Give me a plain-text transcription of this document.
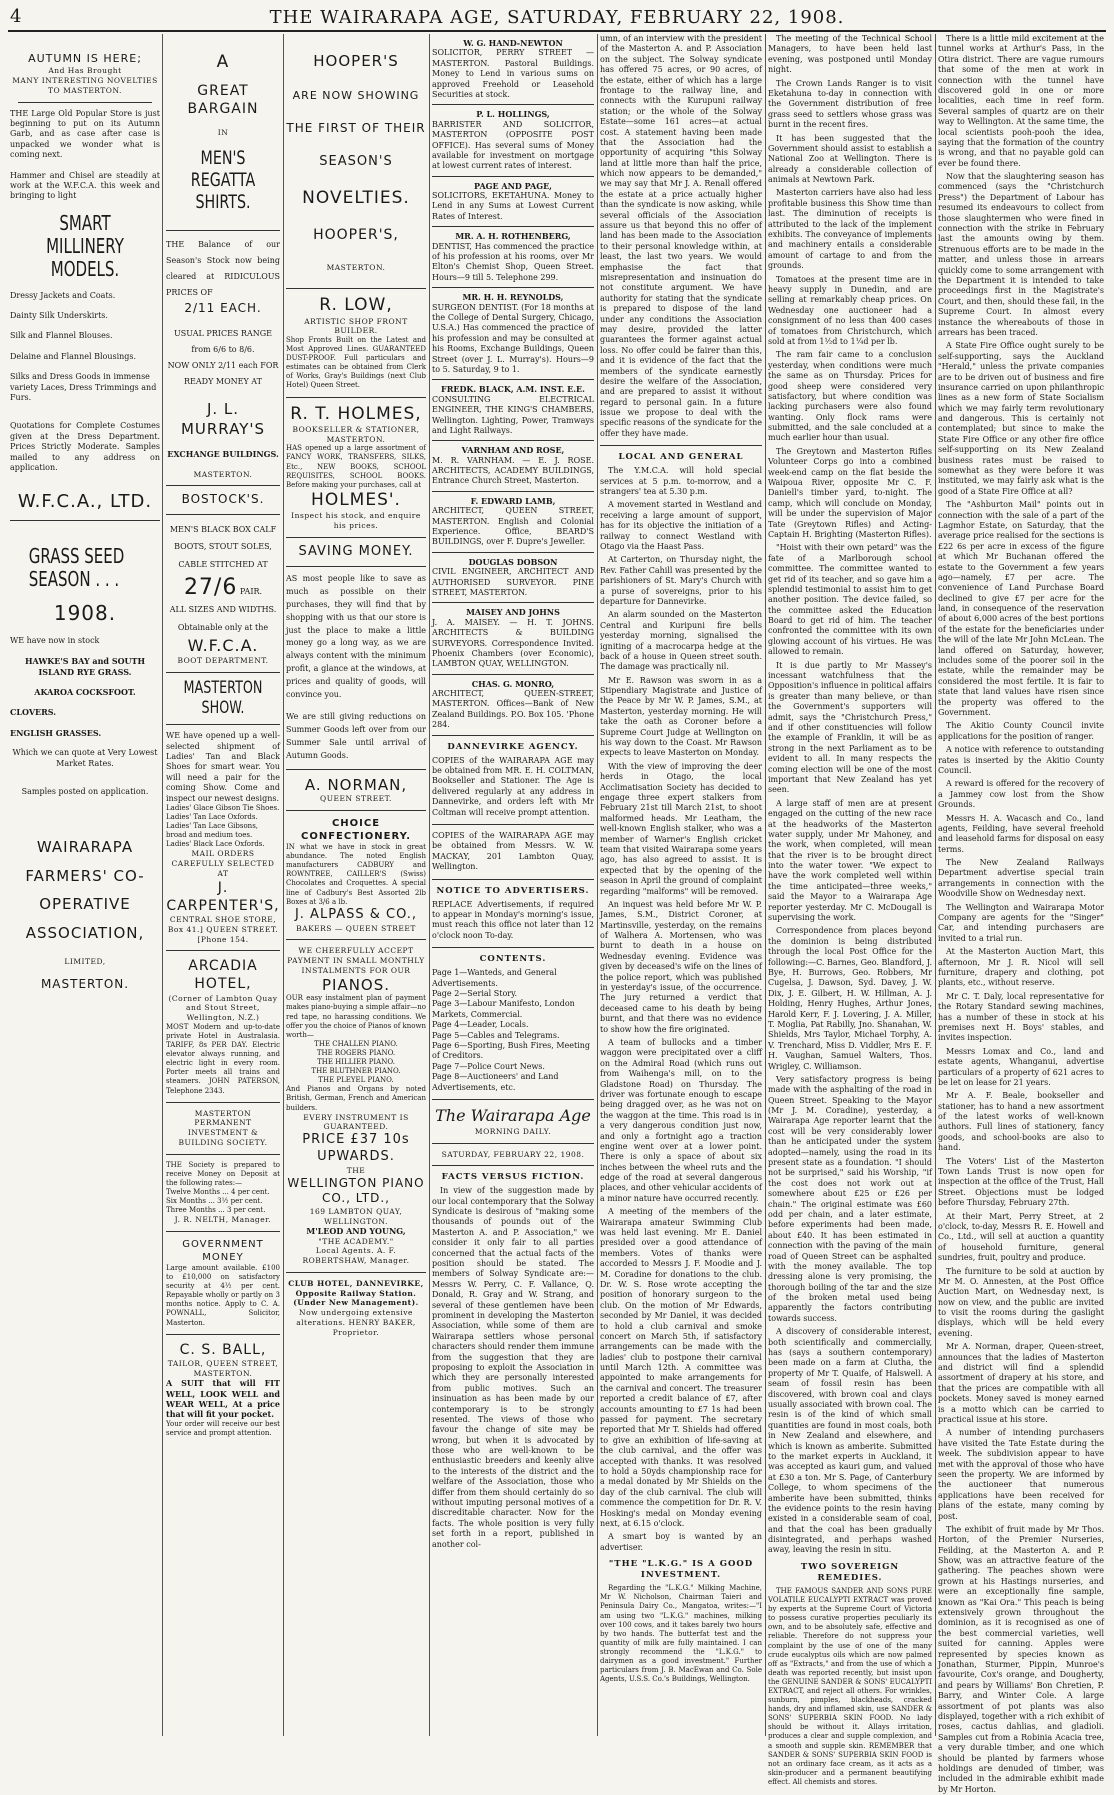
4	THE WAIRARAPA AGE, SATURDAY, FEBRUARY 22, 1908.
AUTUMN IS HERE;
And Has Brought
MANY INTERESTING NOVELTIES TO MASTERTON.
THE Large Old Popular Store is just beginning to put on its Autumn Garb, and as case after case is unpacked we wonder what is coming next.
Hammer and Chisel are steadily at work at the W.F.C.A. this week and bringing to light
SMART MILLINERY MODELS.
Dressy Jackets and Coats.
Dainty Silk Underskirts.
Silk and Flannel Blouses.
Delaine and Flannel Blousings.
Silks and Dress Goods in immense variety Laces, Dress Trimmings and Furs.
Quotations for Complete Costumes given at the Dress Department. Prices Strictly Moderate. Samples mailed to any address on application.
W.F.C.A., LTD.
GRASS SEED SEASON . . .
1908.
WE have now in stock
HAWKE'S BAY and SOUTH ISLAND RYE GRASS.
AKAROA COCKSFOOT.
CLOVERS.
ENGLISH GRASSES.
Which we can quote at Very Lowest Market Rates.
Samples posted on application.
WAIRARAPA FARMERS' CO-OPERATIVE ASSOCIATION,
LIMITED,
MASTERTON.
A
GREAT BARGAIN
IN
MEN'S REGATTA SHIRTS.
THE Balance of our Season's Stock now being cleared at RIDICULOUS PRICES OF
2/11 EACH.
USUAL PRICES RANGE from 6/6 to 8/6.
NOW ONLY 2/11 each FOR READY MONEY AT
J. L. MURRAY'S
EXCHANGE BUILDINGS.
MASTERTON.
BOSTOCK'S.
MEN'S BLACK BOX CALF BOOTS, STOUT SOLES, CABLE STITCHED AT
27/6 PAIR.
ALL SIZES AND WIDTHS. Obtainable only at the
W.F.C.A.
BOOT DEPARTMENT.
MASTERTON SHOW.
WE have opened up a well-selected shipment of Ladies' Tan and Black Shoes for smart wear. You will need a pair for the coming Show. Come and inspect our newest designs.
Ladies' Glace Gibson Tie Shoes.
Ladies' Tan Lace Oxfords.
Ladies' Tan Lace Gibsons, broad and medium toes.
Ladies' Black Lace Oxfords.
MAIL ORDERS CAREFULLY SELECTED
AT
J. CARPENTER'S,
CENTRAL SHOE STORE,
Box 41.] QUEEN STREET. [Phone 154.
ARCADIA HOTEL,
(Corner of Lambton Quay and Stout Street, Wellington, N.Z.)
MOST Modern and up-to-date private Hotel in Australasia. TARIFF, 8s PER DAY. Electric elevator always running, and electric light in every room. Porter meets all trains and steamers. JOHN PATERSON, Telephone 2343.
MASTERTON PERMANENT INVESTMENT & BUILDING SOCIETY.
THE Society is prepared to receive Money on Deposit at the following rates:—
Twelve Months ... 4 per cent.
Six Months ... 3½ per cent.
Three Months ... 3 per cent.
J. R. NELTH, Manager.
GOVERNMENT MONEY
Large amount available. £100 to £10,000 on satisfactory security at 4½ per cent. Repayable wholly or partly on 3 months notice. Apply to C. A. POWNALL, Solicitor, Masterton.
C. S. BALL,
TAILOR, QUEEN STREET, MASTERTON.
A SUIT that will FIT WELL, LOOK WELL and WEAR WELL, At a price that will fit your pocket.
Your order will receive our best service and prompt attention.
HOOPER'S
ARE NOW SHOWING
THE FIRST OF THEIR
SEASON'S
NOVELTIES.
HOOPER'S,
MASTERTON.
R. LOW,
ARTISTIC SHOP FRONT BUILDER.
Shop Fronts Built on the Latest and Most Approved Lines. GUARANTEED DUST-PROOF. Full particulars and estimates can be obtained from Clerk of Works, Gray's Buildings (next Club Hotel) Queen Street.
R. T. HOLMES,
BOOKSELLER & STATIONER, MASTERTON.
HAS opened up a large assortment of FANCY WORK, TRANSFERS, SILKS, Etc., NEW BOOKS, SCHOOL REQUISITES, SCHOOL BOOKS. Before making your purchases, call at
HOLMES'.
Inspect his stock, and enquire his prices.
SAVING MONEY.
AS most people like to save as much as possible on their purchases, they will find that by shopping with us that our store is just the place to make a little money go a long way, as we are always content with the minimum profit, a glance at the windows, at prices and quality of goods, will convince you.
We are still giving reductions on Summer Goods left over from our Summer Sale until arrival of Autumn Goods.
A. NORMAN,
QUEEN STREET.
CHOICE CONFECTIONERY.
IN what we have in stock in great abundance. The noted English manufacturers CADBURY and ROWNTREE, CAILLER'S (Swiss) Chocolates and Croquettes. A special line of Cadbury's Best Assorted 2lb Boxes at 3/6 a lb.
J. ALPASS & CO.,
BAKERS — QUEEN STREET
WE CHEERFULLY ACCEPT PAYMENT IN SMALL MONTHLY INSTALMENTS FOR OUR
PIANOS.
OUR easy instalment plan of payment makes piano-buying a simple affair—no red tape, no harassing conditions. We offer you the choice of Pianos of known worth—
THE CHALLEN PIANO.
THE ROGERS PIANO.
THE HILLIER PIANO.
THE BLUTHNER PIANO.
THE PLEYEL PIANO.
And Pianos and Organs by noted British, German, French and American builders.
EVERY INSTRUMENT IS GUARANTEED.
PRICE £37 10s UPWARDS.
THE
WELLINGTON PIANO CO., LTD.,
169 LAMBTON QUAY, WELLINGTON.
M'LEOD AND YOUNG,
"THE ACADEMY."
Local Agents. A. F. ROBERTSHAW, Manager.
CLUB HOTEL, DANNEVIRKE, Opposite Railway Station. (Under New Management).
Now undergoing extensive alterations. HENRY BAKER, Proprietor.
W. G. HAND-NEWTON
SOLICITOR, PERRY STREET — MASTERTON. Pastoral Buildings. Money to Lend in various sums on approved Freehold or Leasehold Securities at stock.
P. L. HOLLINGS,
BARRISTER AND SOLICITOR, MASTERTON (OPPOSITE POST OFFICE). Has several sums of Money available for investment on mortgage at lowest current rates of interest.
PAGE AND PAGE,
SOLICITORS, EKETAHUNA. Money to Lend in any Sums at Lowest Current Rates of Interest.
MR. A. H. ROTHENBERG,
DENTIST, Has commenced the practice of his profession at his rooms, over Mr Elton's Chemist Shop, Queen Street. Hours—9 till 5. Telephone 299.
MR. H. H. REYNOLDS,
SURGEON DENTIST. (For 18 months at the College of Dental Surgery, Chicago, U.S.A.) Has commenced the practice of his profession and may be consulted at his Rooms, Exchange Buildings, Queen Street (over J. L. Murray's). Hours—9 to 5. Saturday, 9 to 1.
FREDK. BLACK, A.M. INST. E.E.
CONSULTING ELECTRICAL ENGINEER, THE KING'S CHAMBERS, Wellington. Lighting, Power, Tramways and Light Railways.
VARNHAM AND ROSE,
M. R. VARNHAM. — E. J. ROSE. ARCHITECTS, ACADEMY BUILDINGS, Entrance Church Street, Masterton.
F. EDWARD LAMB,
ARCHITECT, QUEEN STREET, MASTERTON. English and Colonial Experience. Office, BEARD'S BUILDINGS, over F. Dupre's Jeweller.
DOUGLAS DOBSON
CIVIL ENGINEER, ARCHITECT AND AUTHORISED SURVEYOR. PINE STREET, MASTERTON.
MAISEY AND JOHNS
J. A. MAISEY. — H. T. JOHNS. ARCHITECTS & BUILDING SURVEYORS. Correspondence Invited. Phoenix Chambers (over Economic), LAMBTON QUAY, WELLINGTON.
CHAS. G. MONRO,
ARCHITECT, QUEEN-STREET, MASTERTON. Offices—Bank of New Zealand Buildings. P.O. Box 105. 'Phone 284.
DANNEVIRKE AGENCY.
COPIES of the WAIRARAPA AGE may be obtained from MR. E. H. COLTMAN, Bookseller and Stationer. The Age is delivered regularly at any address in Dannevirke, and orders left with Mr Coltman will receive prompt attention.
COPIES of the WAIRARAPA AGE may be obtained from Messrs. W. W. MACKAY, 201 Lambton Quay, Wellington.
NOTICE TO ADVERTISERS.
REPLACE Advertisements, if required to appear in Monday's morning's issue, must reach this office not later than 12 o'clock noon To-day.
CONTENTS.
Page 1—Wanteds, and General Advertisements.
Page 2—Serial Story.
Page 3—Labour Manifesto, London Markets, Commercial.
Page 4—Leader, Locals.
Page 5—Cables and Telegrams.
Page 6—Sporting, Bush Fires, Meeting of Creditors.
Page 7—Police Court News.
Page 8—Auctioneers' and Land Advertisements, etc.
The Wairarapa Age
MORNING DAILY.
SATURDAY, FEBRUARY 22, 1908.
FACTS VERSUS FICTION.

In view of the suggestion made by our local contemporary that the Solway Syndicate is desirous of "making some thousands of pounds out of the Masterton A. and P. Association," we consider it only fair to all parties concerned that the actual facts of the position should be stated. The members of Solway Syndicate are:—Messrs W. Perry, C. F. Vallance, Q. Donald, R. Gray and W. Strang, and several of these gentlemen have been prominent in developing the Masterton Association, while some of them are Wairarapa settlers whose personal characters should render them immune from the suggestion that they are proposing to exploit the Association in which they are personally interested from public motives. Such an insinuation as has been made by our contemporary is to be strongly resented. The views of those who favour the change of site may be wrong, but when it is advocated by those who are well-known to be enthusiastic breeders and keenly alive to the interests of the district and the welfare of the Association, those who differ from them should certainly do so without imputing personal motives of a discreditable character. Now for the facts. The whole position is very fully set forth in a report, published in another col-

umn, of an interview with the president of the Masterton A. and P. Association on the subject. The Solway syndicate has offered 75 acres, or 90 acres, of the estate, either of which has a large frontage to the railway line, and connects with the Kurupuni railway station; or the whole of the Solway Estate—some 161 acres—at actual cost. A statement having been made that the Association had the opportunity of acquiring "this Solway land at little more than half the price, which now appears to be demanded," we may say that Mr J. A. Renall offered the estate at a price actually higher than the syndicate is now asking, while several officials of the Association assure us that beyond this no offer of land has been made to the Association to their personal knowledge within, at least, the last two years. We would emphasise the fact that misrepresentation and insinuation do not constitute argument. We have authority for stating that the syndicate is prepared to dispose of the land under any conditions the Association may desire, provided the latter guarantees the former against actual loss. No offer could be fairer than this, and it is evidence of the fact that the members of the syndicate earnestly desire the welfare of the Association, and are prepared to assist it without regard to personal gain. In a future issue we propose to deal with the specific reasons of the syndicate for the offer they have made.

LOCAL AND GENERAL

The Y.M.C.A. will hold special services at 5 p.m. to-morrow, and a strangers' tea at 5.30 p.m.

A movement started in Westland and receiving a large amount of support, has for its objective the initiation of a railway to connect Westland with Otago via the Haast Pass.

At Carterton, on Thursday night, the Rev. Father Cahill was presented by the parishioners of St. Mary's Church with a purse of sovereigns, prior to his departure for Dannevirke.

An alarm sounded on the Masterton Central and Kuripuni fire bells yesterday morning, signalised the igniting of a macrocarpa hedge at the back of a house in Queen street south. The damage was practically nil.

Mr E. Rawson was sworn in as a Stipendiary Magistrate and Justice of the Peace by Mr W. P. James, S.M., at Masterton, yesterday morning. He will take the oath as Coroner before a Supreme Court Judge at Wellington on his way down to the Coast. Mr Rawson expects to leave Masterton on Monday.

With the view of improving the deer herds in Otago, the local Acclimatisation Society has decided to engage three expert stalkers from February 21st till March 21st, to shoot malformed heads. Mr Leatham, the well-known English stalker, who was a member of Warner's English cricket team that visited Wairarapa some years ago, has also agreed to assist. It is expected that by the opening of the season in April the ground of complaint regarding "malforms" will be removed.

An inquest was held before Mr W. P. James, S.M., District Coroner, at Martinsville, yesterday, on the remains of Walhera A. Mortensen, who was burnt to death in a house on Wednesday evening. Evidence was given by deceased's wife on the lines of the police report, which was published in yesterday's issue, of the occurrence. The jury returned a verdict that deceased came to his death by being burnt, and that there was no evidence to show how the fire originated.

A team of bullocks and a timber waggon were precipitated over a cliff on the Admiral Road (which runs out from Waihenga's mill, on to the Gladstone Road) on Thursday. The driver was fortunate enough to escape being dragged over, as he was not on the waggon at the time. This road is in a very dangerous condition just now, and only a fortnight ago a traction engine went over at a lower point. There is only a space of about six inches between the wheel ruts and the edge of the road at several dangerous places, and other vehicular accidents of a minor nature have occurred recently.

A meeting of the members of the Wairarapa amateur Swimming Club was held last evening. Mr E. Daniel presided over a good attendance of members. Votes of thanks were accorded to Messrs J. F. Moodie and J. M. Coradine for donations to the club. Dr. W. S. Rose wrote accepting the position of honorary surgeon to the club. On the motion of Mr Edwards, seconded by Mr Daniel, it was decided to hold a club carnival and smoke concert on March 5th, if satisfactory arrangements can be made with the ladies' club to postpone their carnival until March 12th. A committee was appointed to make arrangements for the carnival and concert. The treasurer reported a credit balance of £7, after accounts amounting to £7 1s had been passed for payment. The secretary reported that Mr T. Shields had offered to give an exhibition of life-saving at the club carnival, and the offer was accepted with thanks. It was resolved to hold a 50yds championship race for a medal donated by Mr Shields on the day of the club carnival. The club will commence the competition for Dr. R. V. Hosking's medal on Monday evening next, at 6.15 o'clock.

A smart boy is wanted by an advertiser.

"THE "L.K.G." IS A GOOD INVESTMENT.

Regarding the "L.K.G." Milking Machine, Mr W. Nicholson, Chairman Taieri and Peninsula Dairy Co., Mangatoa, writes:—"I am using two "L.K.G." machines, milking over 100 cows, and it takes barely two hours by two hands. The butterfat test and the quantity of milk are fully maintained. I can strongly recommend the "L.K.G." to dairymen as a good investment." Further particulars from J. B. MacEwan and Co. Sole Agents, U.S.S. Co.'s Buildings, Wellington.

The meeting of the Technical School Managers, to have been held last evening, was postponed until Monday night.

The Crown Lands Ranger is to visit Eketahuna to-day in connection with the Government distribution of free grass seed to settlers whose grass was burnt in the recent fires.

It has been suggested that the Government should assist to establish a National Zoo at Wellington. There is already a considerable collection of animals at Newtown Park.

Masterton carriers have also had less profitable business this Show time than last. The diminution of receipts is attributed to the lack of the implement exhibits. The conveyance of implements and machinery entails a considerable amount of cartage to and from the grounds.

Tomatoes at the present time are in heavy supply in Dunedin, and are selling at remarkably cheap prices. On Wednesday one auctioneer had a consignment of no less than 400 cases of tomatoes from Christchurch, which sold at from 1½d to 1¼d per lb.

The ram fair came to a conclusion yesterday, when conditions were much the same as on Thursday. Prices for good sheep were considered very satisfactory, but where condition was lacking purchasers were also found wanting. Only flock rams were submitted, and the sale concluded at a much earlier hour than usual.

The Greytown and Masterton Rifles Volunteer Corps go into a combined week-end camp on the flat beside the Waipoua River, opposite Mr C. F. Daniell's timber yard, to-night. The camp, which will conclude on Monday, will be under the supervision of Major Tate (Greytown Rifles) and Acting-Captain H. Brighting (Masterton Rifles).

"Hoist with their own petard" was the fate of a Marlborough school committee. The committee wanted to get rid of its teacher, and so gave him a splendid testimonial to assist him to get another position. The device failed, so the committee asked the Education Board to get rid of him. The teacher confronted the committee with its own glowing account of his virtues. He was allowed to remain.

It is due partly to Mr Massey's incessant watchfulness that the Opposition's influence in political affairs is greater than many believe, or than the Government's supporters will admit, says the "Christchurch Press," and if other constituencies will follow the example of Franklin, it will be as strong in the next Parliament as to be evident to all. In many respects the coming election will be one of the most important that New Zealand has yet seen.

A large staff of men are at present engaged on the cutting of the new race at the headworks of the Masterton water supply, under Mr Mahoney, and the work, when completed, will mean that the river is to be brought direct into the water tower. "We expect to have the work completed well within the time anticipated—three weeks," said the Mayor to a Wairarapa Age reporter yesterday. Mr C. McDougall is supervising the work.

Correspondence from places beyond the dominion is being distributed through the local Post Office for the following:—C. Barnes, Geo. Blandford, J. Bye, H. Burrows, Geo. Robbers, Mr Cugelsa, J. Dawson, Syd. Davey, J. W. Dix, J. E. Gilbert, H. W. Hillman, A. J. Holding, Henry Hughes, Arthur Jones, Harold Kerr, F. J. Lovering, J. A. Miller, T. Moglia, Pat Rabilly, Jno. Shanahan, W. Shields, Mrs Taylor, Michael Torphy, A. V. Trenchard, Miss D. Viddler, Mrs E. F. H. Vaughan, Samuel Walters, Thos. Wrigley, C. Williamson.

Very satisfactory progress is being made with the asphalting of the road in Queen Street. Speaking to the Mayor (Mr J. M. Coradine), yesterday, a Wairarapa Age reporter learnt that the cost will be very considerably lower than he anticipated under the system adopted—namely, using the road in its present state as a foundation. "I should not be surprised," said his Worship, "if the cost does not work out at somewhere about £25 or £26 per chain." The original estimate was £60 odd per chain, and a later estimate, before experiments had been made, about £40. It has been estimated in connection with the paving of the main road of Queen Street can be asphalted with the money available. The top dressing alone is very promising, the thorough boiling of the tar and the size of the broken metal used being apparently the factors contributing towards success.

A discovery of considerable interest, both scientifically and commercially, has (says a southern contemporary) been made on a farm at Clutha, the property of Mr T. Quaife, of Halswell. A seam of fossil resin has been discovered, with brown coal and clays usually associated with brown coal. The resin is of the kind of which small quantities are found in most coals, both in New Zealand and elsewhere, and which is known as amberite. Submitted to the market experts in Auckland, it was accepted as kauri gum, and valued at £30 a ton. Mr S. Page, of Canterbury College, to whom specimens of the amberite have been submitted, thinks the evidence points to the resin having existed in a considerable seam of coal, and that the coal has been gradually disintegrated, and perhaps washed away, leaving the resin in situ.

TWO SOVEREIGN REMEDIES.

THE FAMOUS SANDER AND SONS PURE VOLATILE EUCALYPTI EXTRACT was proved by experts at the Supreme Court of Victoria to possess curative properties peculiarly its own, and to be absolutely safe, effective and reliable. Therefore do not suppress your complaint by the use of one of the many crude eucalyptus oils which are now palmed off as "Extracts," and from the use of which a death was reported recently, but insist upon the GENUINE SANDER & SONS' EUCALYPTI EXTRACT, and reject all others. For wrinkles, sunburn, pimples, blackheads, cracked hands, dry and inflamed skin, use SANDER & SONS' SUPERBIA SKIN FOOD. No lady should be without it. Allays irritation, produces a clear and supple complexion, and a smooth and supple skin. REMEMBER that SANDER & SONS' SUPERBIA SKIN FOOD is not an ordinary face cream, as it acts as a skin-producer and a permanent beautifying effect. All chemists and stores.

There is a little mild excitement at the tunnel works at Arthur's Pass, in the Otira district. There are vague rumours that some of the men at work in connection with the tunnel have discovered gold in one or more localities, each time in reef form. Several samples of quartz are on their way to Wellington. At the same time, the local scientists pooh-pooh the idea, saying that the formation of the country is wrong, and that no payable gold can ever be found there.

Now that the slaughtering season has commenced (says the "Christchurch Press") the Department of Labour has resumed its endeavours to collect from those slaughtermen who were fined in connection with the strike in February last the amounts owing by them. Strenuous efforts are to be made in the matter, and unless those in arrears quickly come to some arrangement with the Department it is intended to take proceedings first in the Magistrate's Court, and then, should these fail, in the Supreme Court. In almost every instance the whereabouts of those in arrears has been traced.

A State Fire Office ought surely to be self-supporting, says the Auckland "Herald," unless the private companies are to be driven out of business and fire insurance carried on upon philanthropic lines as a new form of State Socialism which we may fairly term revolutionary and dangerous. This is certainly not contemplated; but since to make the State Fire Office or any other fire office self-supporting on its New Zealand business rates must be raised to somewhat as they were before it was instituted, we may fairly ask what is the good of a State Fire Office at all?

The "Ashburton Mail" points out in connection with the sale of a part of the Lagmhor Estate, on Saturday, that the average price realised for the sections is £22 6s per acre in excess of the figure at which Mr Buchanan offered the estate to the Government a few years ago—namely, £7 per acre. The convenience of Land Purchase Board declined to give £7 per acre for the land, in consequence of the reservation of about 6,000 acres of the best portions of the estate for the beneficiaries under the will of the late Mr John McLean. The land offered on Saturday, however, includes some of the poorer soil in the estate, while the remainder may be considered the most fertile. It is fair to state that land values have risen since the property was offered to the Government.

The Akitio County Council invite applications for the position of ranger.

A notice with reference to outstanding rates is inserted by the Akitio County Council.

A reward is offered for the recovery of a Jammey cow lost from the Show Grounds.

Messrs H. A. Wacasch and Co., land agents, Feilding, have several freehold and leasehold farms for disposal on easy terms.

The New Zealand Railways Department advertise special train arrangements in connection with the Woodville Show on Wednesday next.

The Wellington and Wairarapa Motor Company are agents for the "Singer" Car, and intending purchasers are invited to a trial run.

At the Masterton Auction Mart, this afternoon, Mr J. R. Nicol will sell furniture, drapery and clothing, pot plants, etc., without reserve.

Mr C. T. Daly, local representative for the Rotary Standard sewing machines, has a number of these in stock at his premises next H. Boys' stables, and invites inspection.

Messrs Lomax and Co., land and estate agents, Whanganui, advertise particulars of a property of 621 acres to be let on lease for 21 years.

Mr A. F. Beale, bookseller and stationer, has to hand a new assortment of the latest works of well-known authors. Full lines of stationery, fancy goods, and school-books are also to hand.

The Voters' List of the Masterton Town Lands Trust is now open for inspection at the office of the Trust, Hall Street. Objections must be lodged before Thursday, February 27th.

At their Mart, Perry Street, at 2 o'clock, to-day, Messrs R. E. Howell and Co., Ltd., will sell at auction a quantity of household furniture, general sundries, fruit, poultry and produce.

The furniture to be sold at auction by Mr M. O. Annesten, at the Post Office Auction Mart, on Wednesday next, is now on view, and the public are invited to visit the rooms during the gaslight displays, which will be held every evening.

Mr A. Norman, draper, Queen-street, announces that the ladies of Masterton and district will find a splendid assortment of drapery at his store, and that the prices are compatible with all pockets. Money saved is money earned is a motto which can be carried to practical issue at his store.

A number of intending purchasers have visited the Tate Estate during the week. The subdivision appear to have met with the approval of those who have seen the property. We are informed by the auctioneer that numerous applications have been received for plans of the estate, many coming by post.

The exhibit of fruit made by Mr Thos. Horton, of the Premier Nurseries, Feilding, at the Masterton A. and P. Show, was an attractive feature of the gathering. The peaches shown were grown at his Hastings nurseries, and were an exceptionally fine sample, known as "Kai Ora." This peach is being extensively grown throughout the dominion, as it is recognised as one of the best commercial varieties, well suited for canning. Apples were represented by species known as Jonathan, Sturmer, Pippin, Munroe's favourite, Cox's orange, and Dougherty, and pears by Williams' Bon Chretien, P. Barry, and Winter Cole. A large assortment of pot plants was also displayed, together with a rich exhibit of roses, cactus dahlias, and gladioli. Samples cut from a Robinia Acacia tree, a very durable timber, and one which should be planted by farmers whose holdings are denuded of timber, was included in the admirable exhibit made by Mr Horton.
